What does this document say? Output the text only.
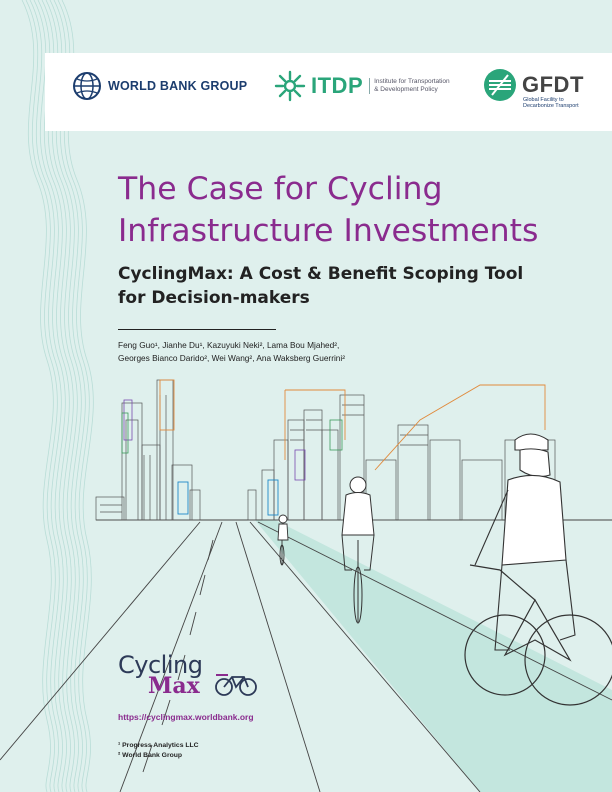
WORLD BANK GROUP	ITDP Institute for Transportation
& Development Policy	GFDT
Global Facility to
Decarbonize Transport
The Case for Cycling
Infrastructure Investments
CyclingMax: A Cost & Benefit Scoping Tool
for Decision-makers
Feng Guo¹, Jianhe Du¹, Kazuyuki Neki², Lama Bou Mjahed²,
Georges Bianco Darido², Wei Wang², Ana Waksberg Guerrini²
Cycling
Max
https://cyclingmax.worldbank.org
¹ Progress Analytics LLC
² World Bank Group
